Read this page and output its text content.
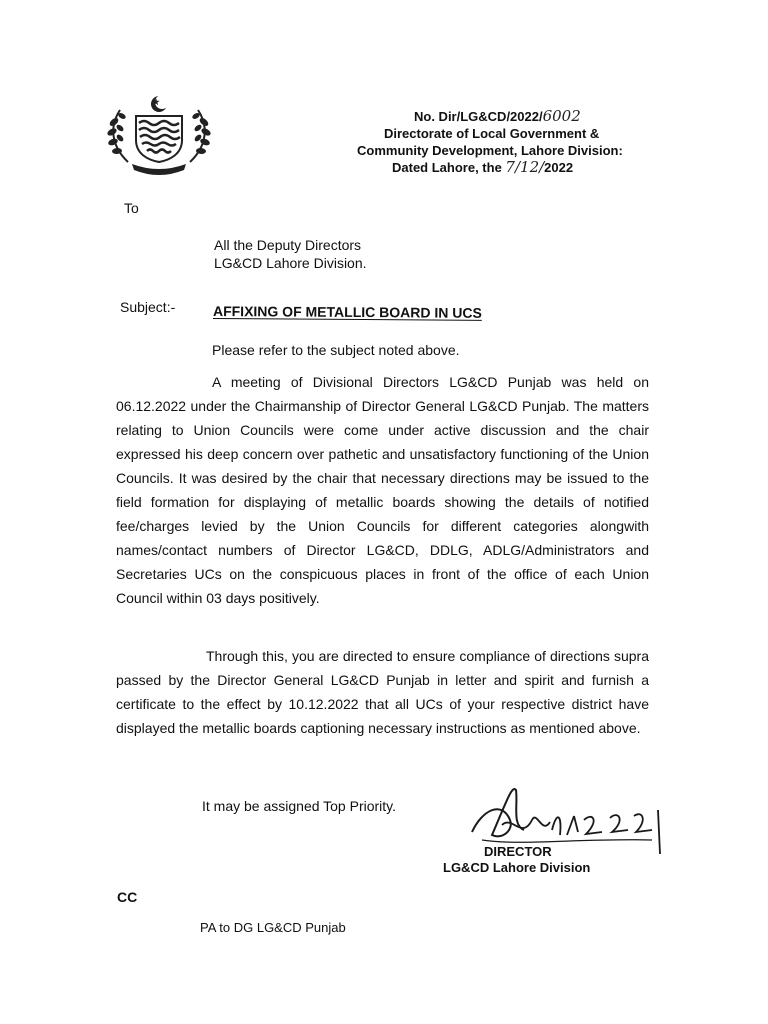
No. Dir/LG&CD/2022/6002
Directorate of Local Government &
Community Development, Lahore Division:
Dated Lahore, the 7/12/2022
To
All the Deputy Directors
LG&CD Lahore Division.
Subject:-	AFFIXING OF METALLIC BOARD IN UCS
Please refer to the subject noted above.
A meeting of Divisional Directors LG&CD Punjab was held on 06.12.2022 under the Chairmanship of Director General LG&CD Punjab. The matters relating to Union Councils were come under active discussion and the chair expressed his deep concern over pathetic and unsatisfactory functioning of the Union Councils. It was desired by the chair that necessary directions may be issued to the field formation for displaying of metallic boards showing the details of notified fee/charges levied by the Union Councils for different categories alongwith names/contact numbers of Director LG&CD, DDLG, ADLG/Administrators and Secretaries UCs on the conspicuous places in front of the office of each Union Council within 03 days positively.
Through this, you are directed to ensure compliance of directions supra passed by the Director General LG&CD Punjab in letter and spirit and furnish a certificate to the effect by 10.12.2022 that all UCs of your respective district have displayed the metallic boards captioning necessary instructions as mentioned above.
It may be assigned Top Priority.
DIRECTOR
LG&CD Lahore Division
CC
PA to DG LG&CD Punjab
